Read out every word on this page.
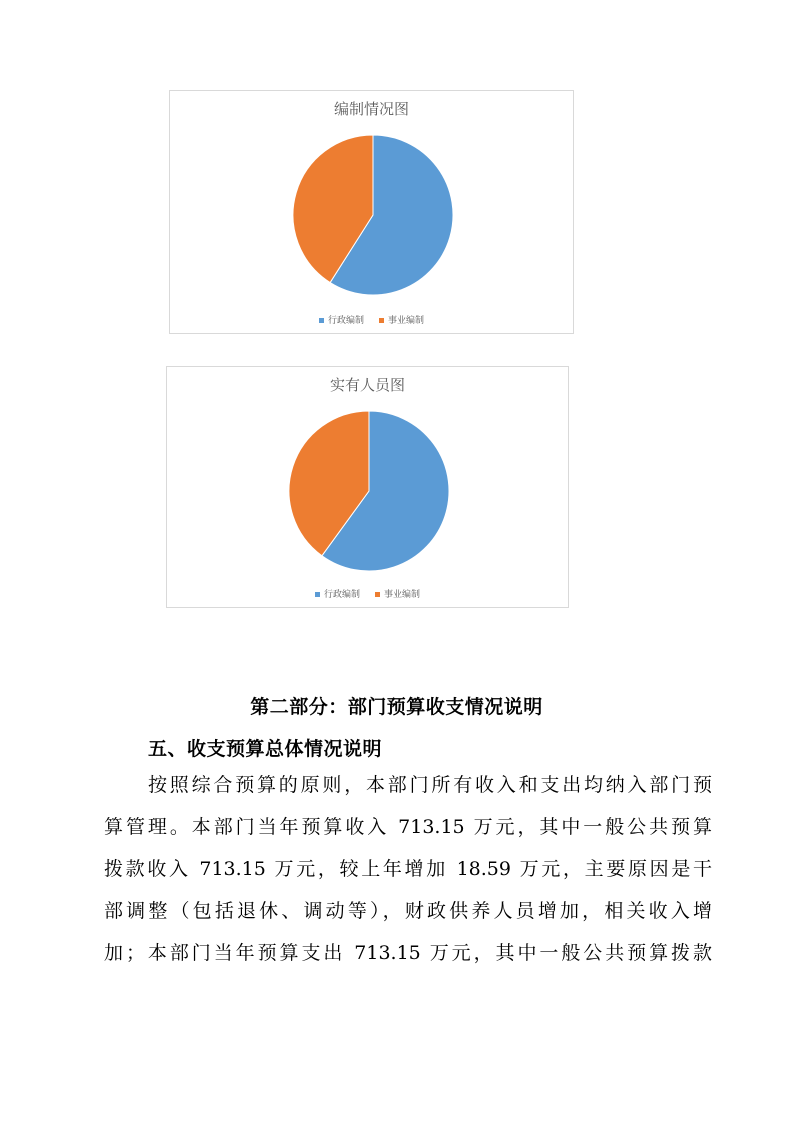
编制情况图
行政编制	事业编制
实有人员图
行政编制	事业编制
第二部分：部门预算收支情况说明
五、收支预算总体情况说明
按照综合预算的原则，本部门所有收入和支出均纳入部门预
算管理。本部门当年预算收入 713.15 万元，其中一般公共预算
拨款收入 713.15 万元，较上年增加 18.59 万元，主要原因是干
部调整（包括退休、调动等），财政供养人员增加，相关收入增
加；本部门当年预算支出 713.15 万元，其中一般公共预算拨款
